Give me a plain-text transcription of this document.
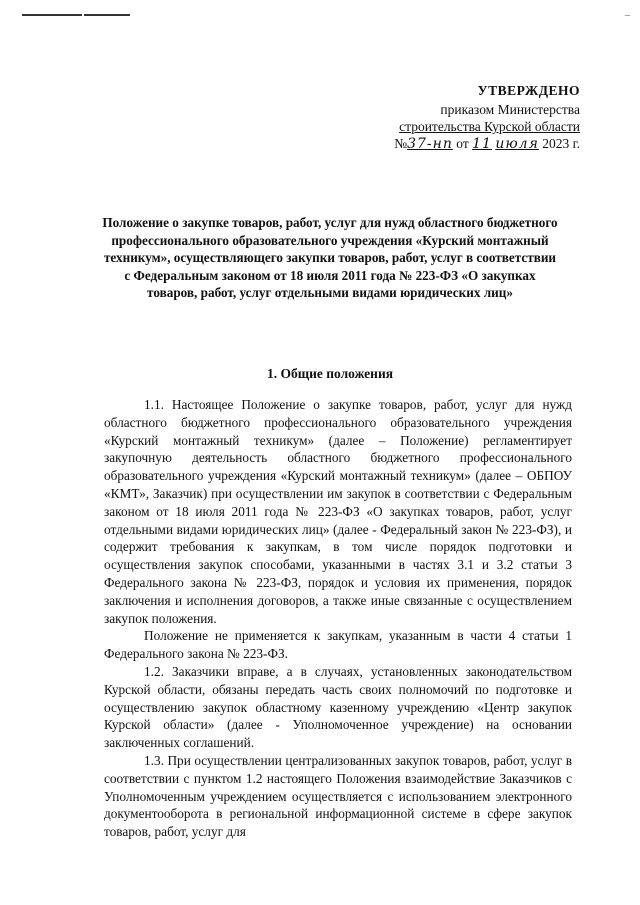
–
УТВЕРЖДЕНО
приказом Министерства
строительства Курской области
№37-нп от 11 июля 2023 г.
Положение о закупке товаров, работ, услуг для нужд областного бюджетного профессионального образовательного учреждения «Курский монтажный техникум», осуществляющего закупки товаров, работ, услуг в соответствии с Федеральным законом от 18 июля 2011 года № 223-ФЗ «О закупках товаров, работ, услуг отдельными видами юридических лиц»
1. Общие положения

1.1. Настоящее Положение о закупке товаров, работ, услуг для нужд областного бюджетного профессионального образовательного учреждения «Курский монтажный техникум» (далее – Положение) регламентирует закупочную деятельность областного бюджетного профессионального образовательного учреждения «Курский монтажный техникум» (далее – ОБПОУ «КМТ», Заказчик) при осуществлении им закупок в соответствии с Федеральным законом от 18 июля 2011 года № 223-ФЗ «О закупках товаров, работ, услуг отдельными видами юридических лиц» (далее - Федеральный закон № 223-ФЗ), и содержит требования к закупкам, в том числе порядок подготовки и осуществления закупок способами, указанными в частях 3.1 и 3.2 статьи 3 Федерального закона № 223-ФЗ, порядок и условия их применения, порядок заключения и исполнения договоров, а также иные связанные с осуществлением закупок положения.

Положение не применяется к закупкам, указанным в части 4 статьи 1 Федерального закона № 223-ФЗ.

1.2. Заказчики вправе, а в случаях, установленных законодательством Курской области, обязаны передать часть своих полномочий по подготовке и осуществлению закупок областному казенному учреждению «Центр закупок Курской области» (далее - Уполномоченное учреждение) на основании заключенных соглашений.

1.3. При осуществлении централизованных закупок товаров, работ, услуг в соответствии с пунктом 1.2 настоящего Положения взаимодействие Заказчиков с Уполномоченным учреждением осуществляется с использованием электронного документооборота в региональной информационной системе в сфере закупок товаров, работ, услуг для
